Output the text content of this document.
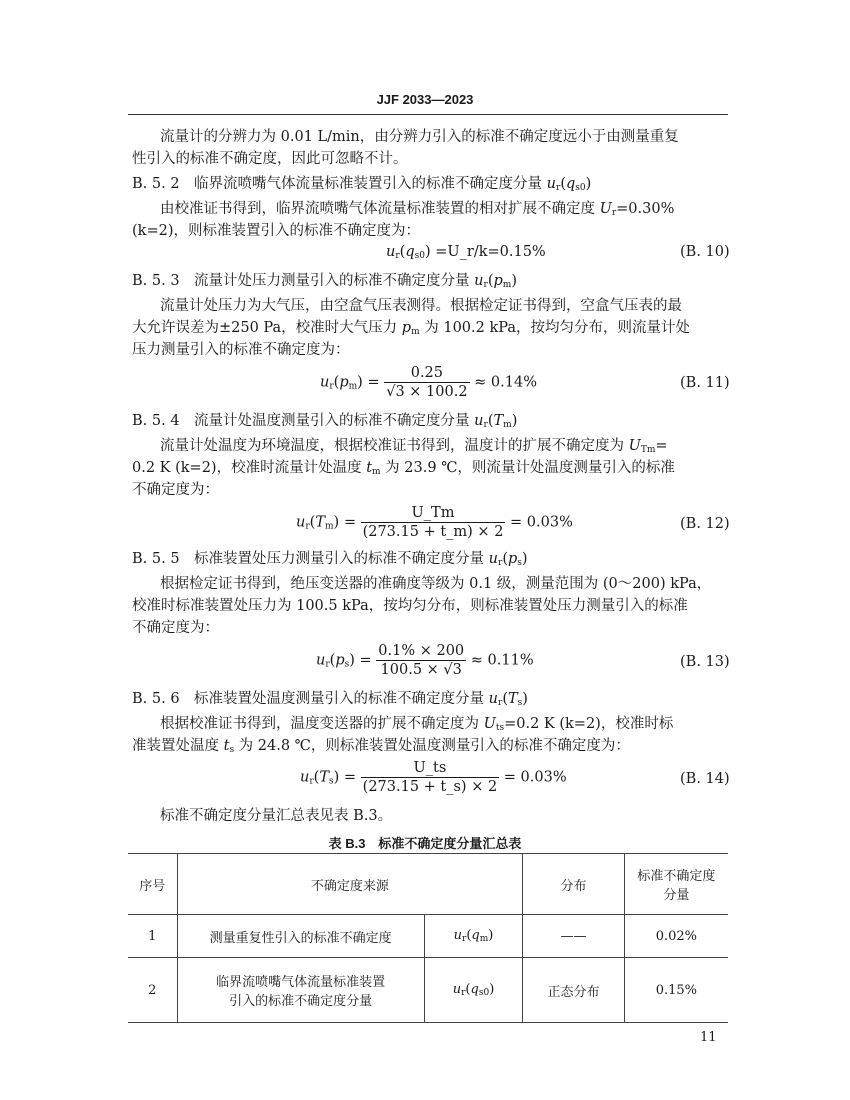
JJF 2033—2023
流量计的分辨力为 0.01 L/min，由分辨力引入的标准不确定度远小于由测量重复
性引入的标准不确定度，因此可忽略不计。
B. 5. 2　临界流喷嘴气体流量标准装置引入的标准不确定度分量 $u_r(q_{s0})$
由校准证书得到，临界流喷嘴气体流量标准装置的相对扩展不确定度 $U_r=0.30\%$
(k=2)，则标准装置引入的标准不确定度为：
$u_r(q_{s0})$ =U_r/k=0.15%	(B. 10)
B. 5. 3　流量计处压力测量引入的标准不确定度分量 $u_r(p_m)$
流量计处压力为大气压，由空盒气压表测得。根据检定证书得到，空盒气压表的最
大允许误差为±250 Pa，校准时大气压力 $p_m$ 为 100.2 kPa，按均匀分布，则流量计处
压力测量引入的标准不确定度为：
$u_r(p_m) = \frac{0.25}{√3 \times 100.2} \approx 0.14\%$	(B. 11)
B. 5. 4　流量计处温度测量引入的标准不确定度分量 $u_r(T_m)$
流量计处温度为环境温度，根据校准证书得到，温度计的扩展不确定度为 $U_{Tm}=$
0.2 K (k=2)，校准时流量计处温度 $t_m$ 为 23.9 ℃，则流量计处温度测量引入的标准
不确定度为：
$u_r(T_m) = \frac{U\_Tm}{(273.15 + t\_m) \times 2} = 0.03\%$	(B. 12)
B. 5. 5　标准装置处压力测量引入的标准不确定度分量 $u_r(p_s)$
根据检定证书得到，绝压变送器的准确度等级为 0.1 级，测量范围为 (0～200) kPa，
校准时标准装置处压力为 100.5 kPa，按均匀分布，则标准装置处压力测量引入的标准
不确定度为：
$u_r(p_s) = \frac{0.1\% \times 200}{100.5 \times √3} \approx 0.11\%$	(B. 13)
B. 5. 6　标准装置处温度测量引入的标准不确定度分量 $u_r(T_s)$
根据校准证书得到，温度变送器的扩展不确定度为 $U_{ts}=0.2$ K (k=2)，校准时标
准装置处温度 $t_s$ 为 24.8 ℃，则标准装置处温度测量引入的标准不确定度为：
$u_r(T_s) = \frac{U\_ts}{(273.15 + t\_s) \times 2} = 0.03\%$	(B. 14)
标准不确定度分量汇总表见表 B.3。
表 B.3　标准不确定度分量汇总表
序号	不确定度来源		分布	标准不确定度
分量
1	测量重复性引入的标准不确定度	$u_r(q_m)$	——	0.02%
2	临界流喷嘴气体流量标准装置
引入的标准不确定度分量	$u_r(q_{s0})$	正态分布	0.15%
11
